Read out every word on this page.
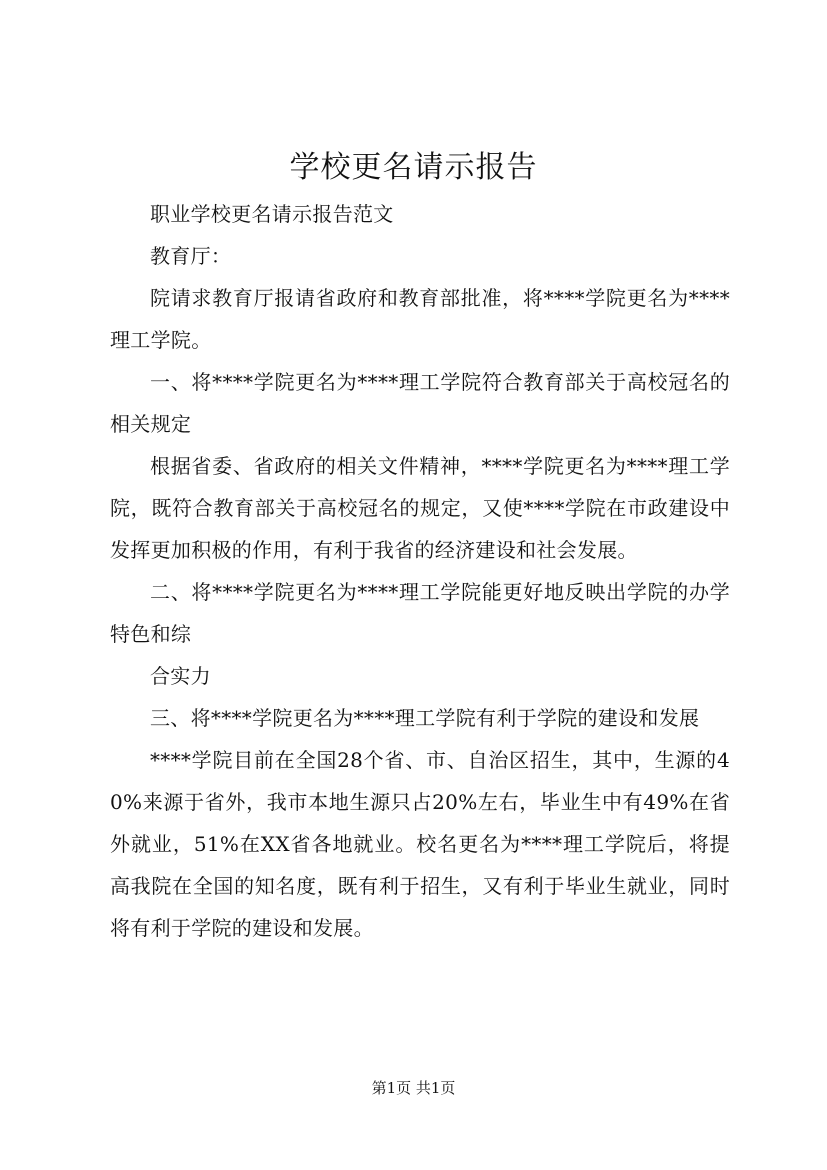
学校更名请示报告

职业学校更名请示报告范文

教育厅：

院请求教育厅报请省政府和教育部批准，将****学院更名为****理工学院。

一、将****学院更名为****理工学院符合教育部关于高校冠名的相关规定

根据省委、省政府的相关文件精神，****学院更名为****理工学院，既符合教育部关于高校冠名的规定，又使****学院在市政建设中发挥更加积极的作用，有利于我省的经济建设和社会发展。

二、将****学院更名为****理工学院能更好地反映出学院的办学特色和综

合实力

三、将****学院更名为****理工学院有利于学院的建设和发展

****学院目前在全国28个省、市、自治区招生，其中，生源的40%来源于省外，我市本地生源只占20%左右，毕业生中有49%在省外就业，51%在XX省各地就业。校名更名为****理工学院后，将提高我院在全国的知名度，既有利于招生，又有利于毕业生就业，同时将有利于学院的建设和发展。

第1页 共1页
